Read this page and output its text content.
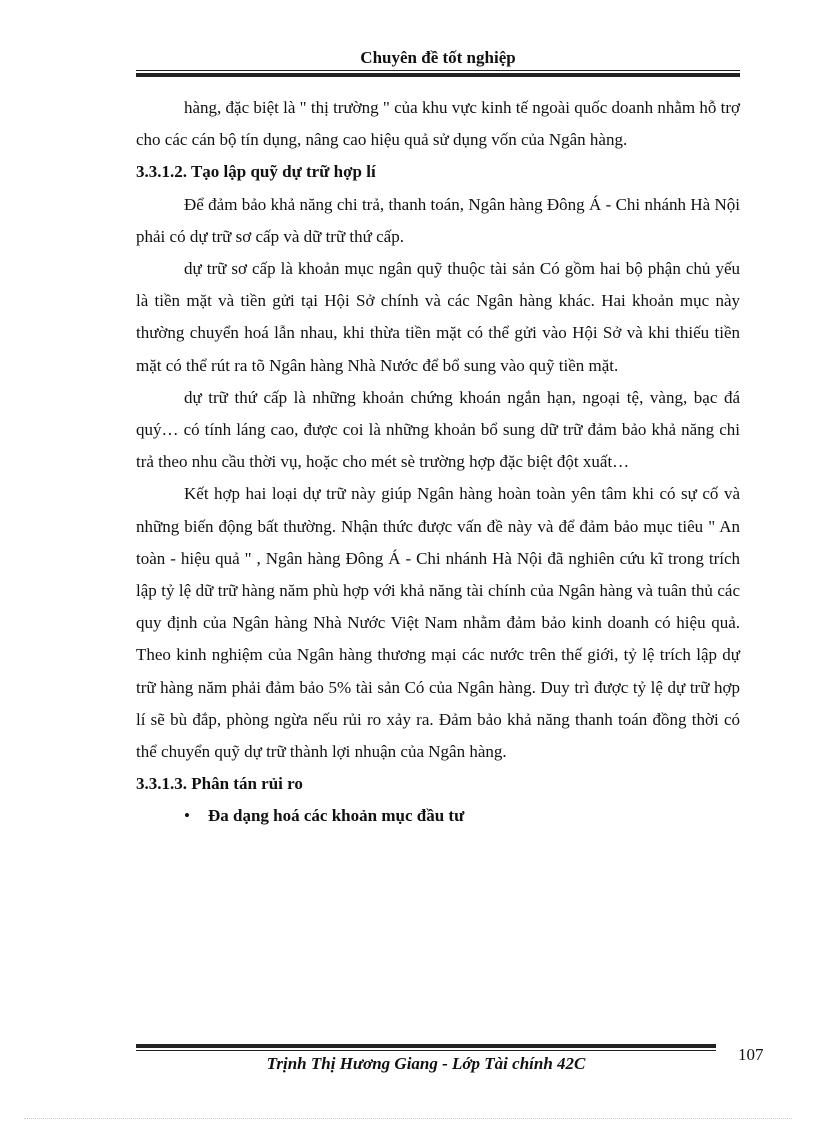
Chuyên đề tốt nghiệp

hàng, đặc biệt là " thị trường " của khu vực kinh tế ngoài quốc doanh nhằm hỗ trợ cho các cán bộ tín dụng, nâng cao hiệu quả sử dụng vốn của Ngân hàng.

3.3.1.2. Tạo lập quỹ dự trữ hợp lí

Để đảm bảo khả năng chi trả, thanh toán, Ngân hàng Đông Á - Chi nhánh Hà Nội phải có dự trữ sơ cấp và dữ trữ thứ cấp.

dự trữ sơ cấp là khoản mục ngân quỹ thuộc tài sản Có gồm hai bộ phận chủ yếu là tiền mặt và tiền gửi tại Hội Sở chính và các Ngân hàng khác. Hai khoản mục này thường chuyển hoá lẫn nhau, khi thừa tiền mặt có thể gửi vào Hội Sở và khi thiếu tiền mặt có thể rút ra tõ Ngân hàng Nhà Nước để bổ sung vào quỹ tiền mặt.

dự trữ thứ cấp là những khoản chứng khoán ngắn hạn, ngoại tệ, vàng, bạc đá quý… có tính láng cao, được coi là những khoản bổ sung dữ trữ đảm bảo khả năng chi trả theo nhu cầu thời vụ, hoặc cho mét sè trường hợp đặc biệt đột xuất…

Kết hợp hai loại dự trữ này giúp Ngân hàng hoàn toàn yên tâm khi có sự cố và những biến động bất thường. Nhận thức được vấn đề này và để đảm bảo mục tiêu " An toàn - hiệu quả " , Ngân hàng Đông Á - Chi nhánh Hà Nội đã nghiên cứu kĩ trong trích lập tỷ lệ dữ trữ hàng năm phù hợp với khả năng tài chính của Ngân hàng và tuân thủ các quy định của Ngân hàng Nhà Nước Việt Nam nhằm đảm bảo kinh doanh có hiệu quả. Theo kinh nghiệm của Ngân hàng thương mại các nước trên thế giới, tỷ lệ trích lập dự trữ hàng năm phải đảm bảo 5% tài sản Có của Ngân hàng. Duy trì được tỷ lệ dự trữ hợp lí sẽ bù đắp, phòng ngừa nếu rủi ro xảy ra. Đảm bảo khả năng thanh toán đồng thời có thể chuyển quỹ dự trữ thành lợi nhuận của Ngân hàng.

3.3.1.3. Phân tán rủi ro

• Đa dạng hoá các khoản mục đầu tư

Trịnh Thị Hương Giang - Lớp Tài chính 42C	107
